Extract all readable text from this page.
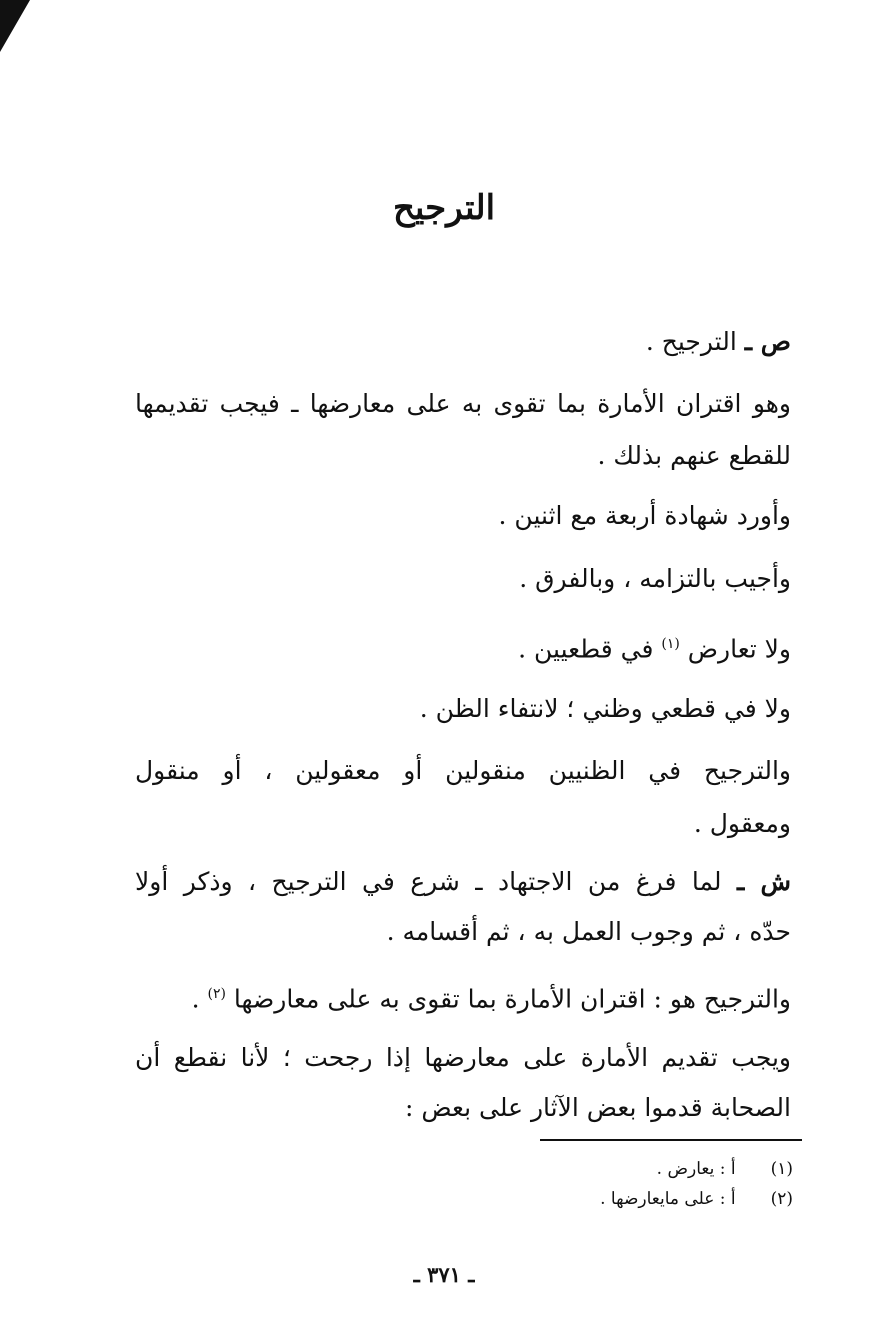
الترجيح
ص ـ الترجيح .
وهو اقتران الأمارة بما تقوى به على معارضها ـ فيجب تقديمها
للقطع عنهم بذلك .
وأورد شهادة أربعة مع اثنين .
وأجيب بالتزامه ، وبالفرق .
ولا تعارض $^{(١)}$ في قطعيين .
ولا في قطعي وظني ؛ لانتفاء الظن .
والترجيح في الظنيين منقولين أو معقولين ، أو منقول
ومعقول .
ش ـ لما فرغ من الاجتهاد ـ شرع في الترجيح ، وذكر أولا
حدّه ، ثم وجوب العمل به ، ثم أقسامه .
والترجيح هو : اقتران الأمارة بما تقوى به على معارضها $^{(٢)}$ .
ويجب تقديم الأمارة على معارضها إذا رجحت ؛ لأنا نقطع أن
الصحابة قدموا بعض الآثار على بعض :
(١) أ : يعارض .
(٢) أ : على مايعارضها .
ـ ٣٧١ ـ
